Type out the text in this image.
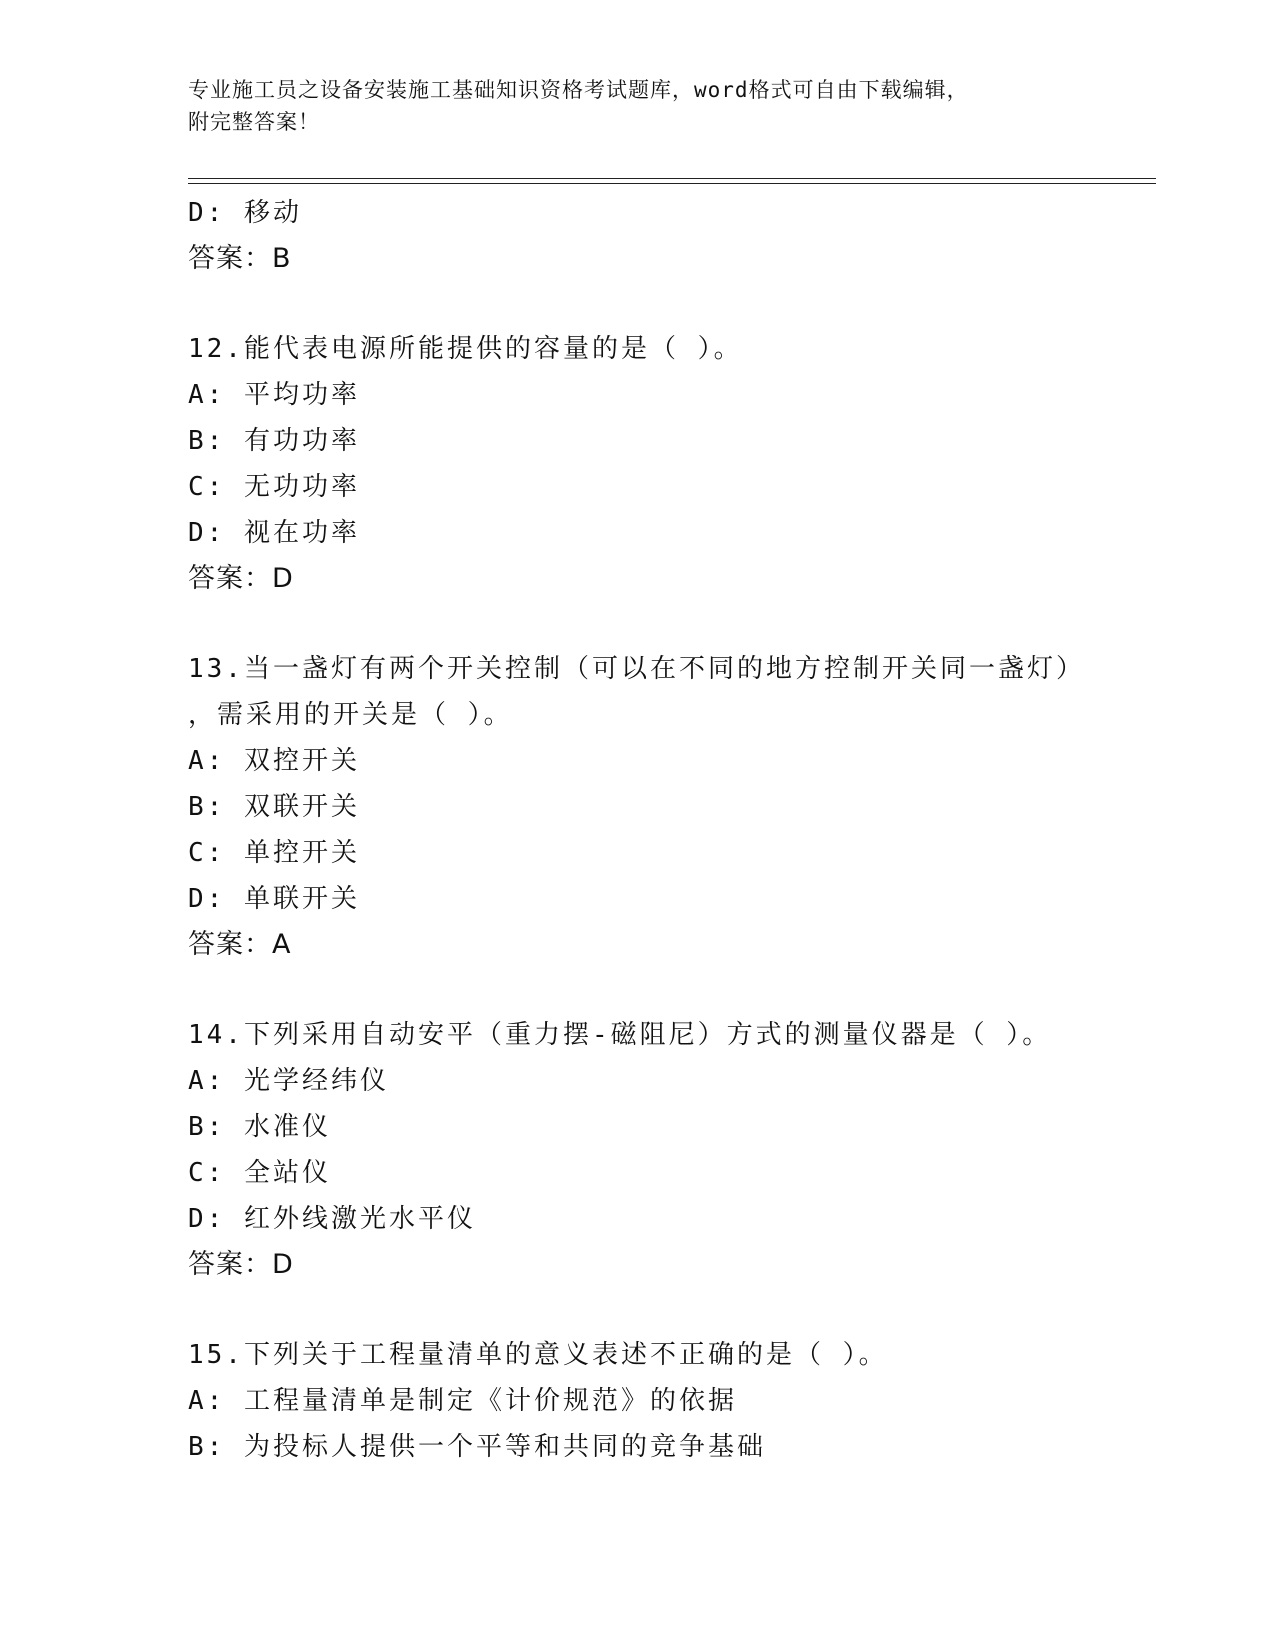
专业施工员之设备安装施工基础知识资格考试题库，word格式可自由下载编辑，
附完整答案！
D: 移动
答案：B
12.能代表电源所能提供的容量的是（ ）。
A: 平均功率
B: 有功功率
C: 无功功率
D: 视在功率
答案：D
13.当一盏灯有两个开关控制（可以在不同的地方控制开关同一盏灯）
，需采用的开关是（ ）。
A: 双控开关
B: 双联开关
C: 单控开关
D: 单联开关
答案：A
14.下列采用自动安平（重力摆-磁阻尼）方式的测量仪器是（ ）。
A: 光学经纬仪
B: 水准仪
C: 全站仪
D: 红外线激光水平仪
答案：D
15.下列关于工程量清单的意义表述不正确的是（ ）。
A: 工程量清单是制定《计价规范》的依据
B: 为投标人提供一个平等和共同的竞争基础
